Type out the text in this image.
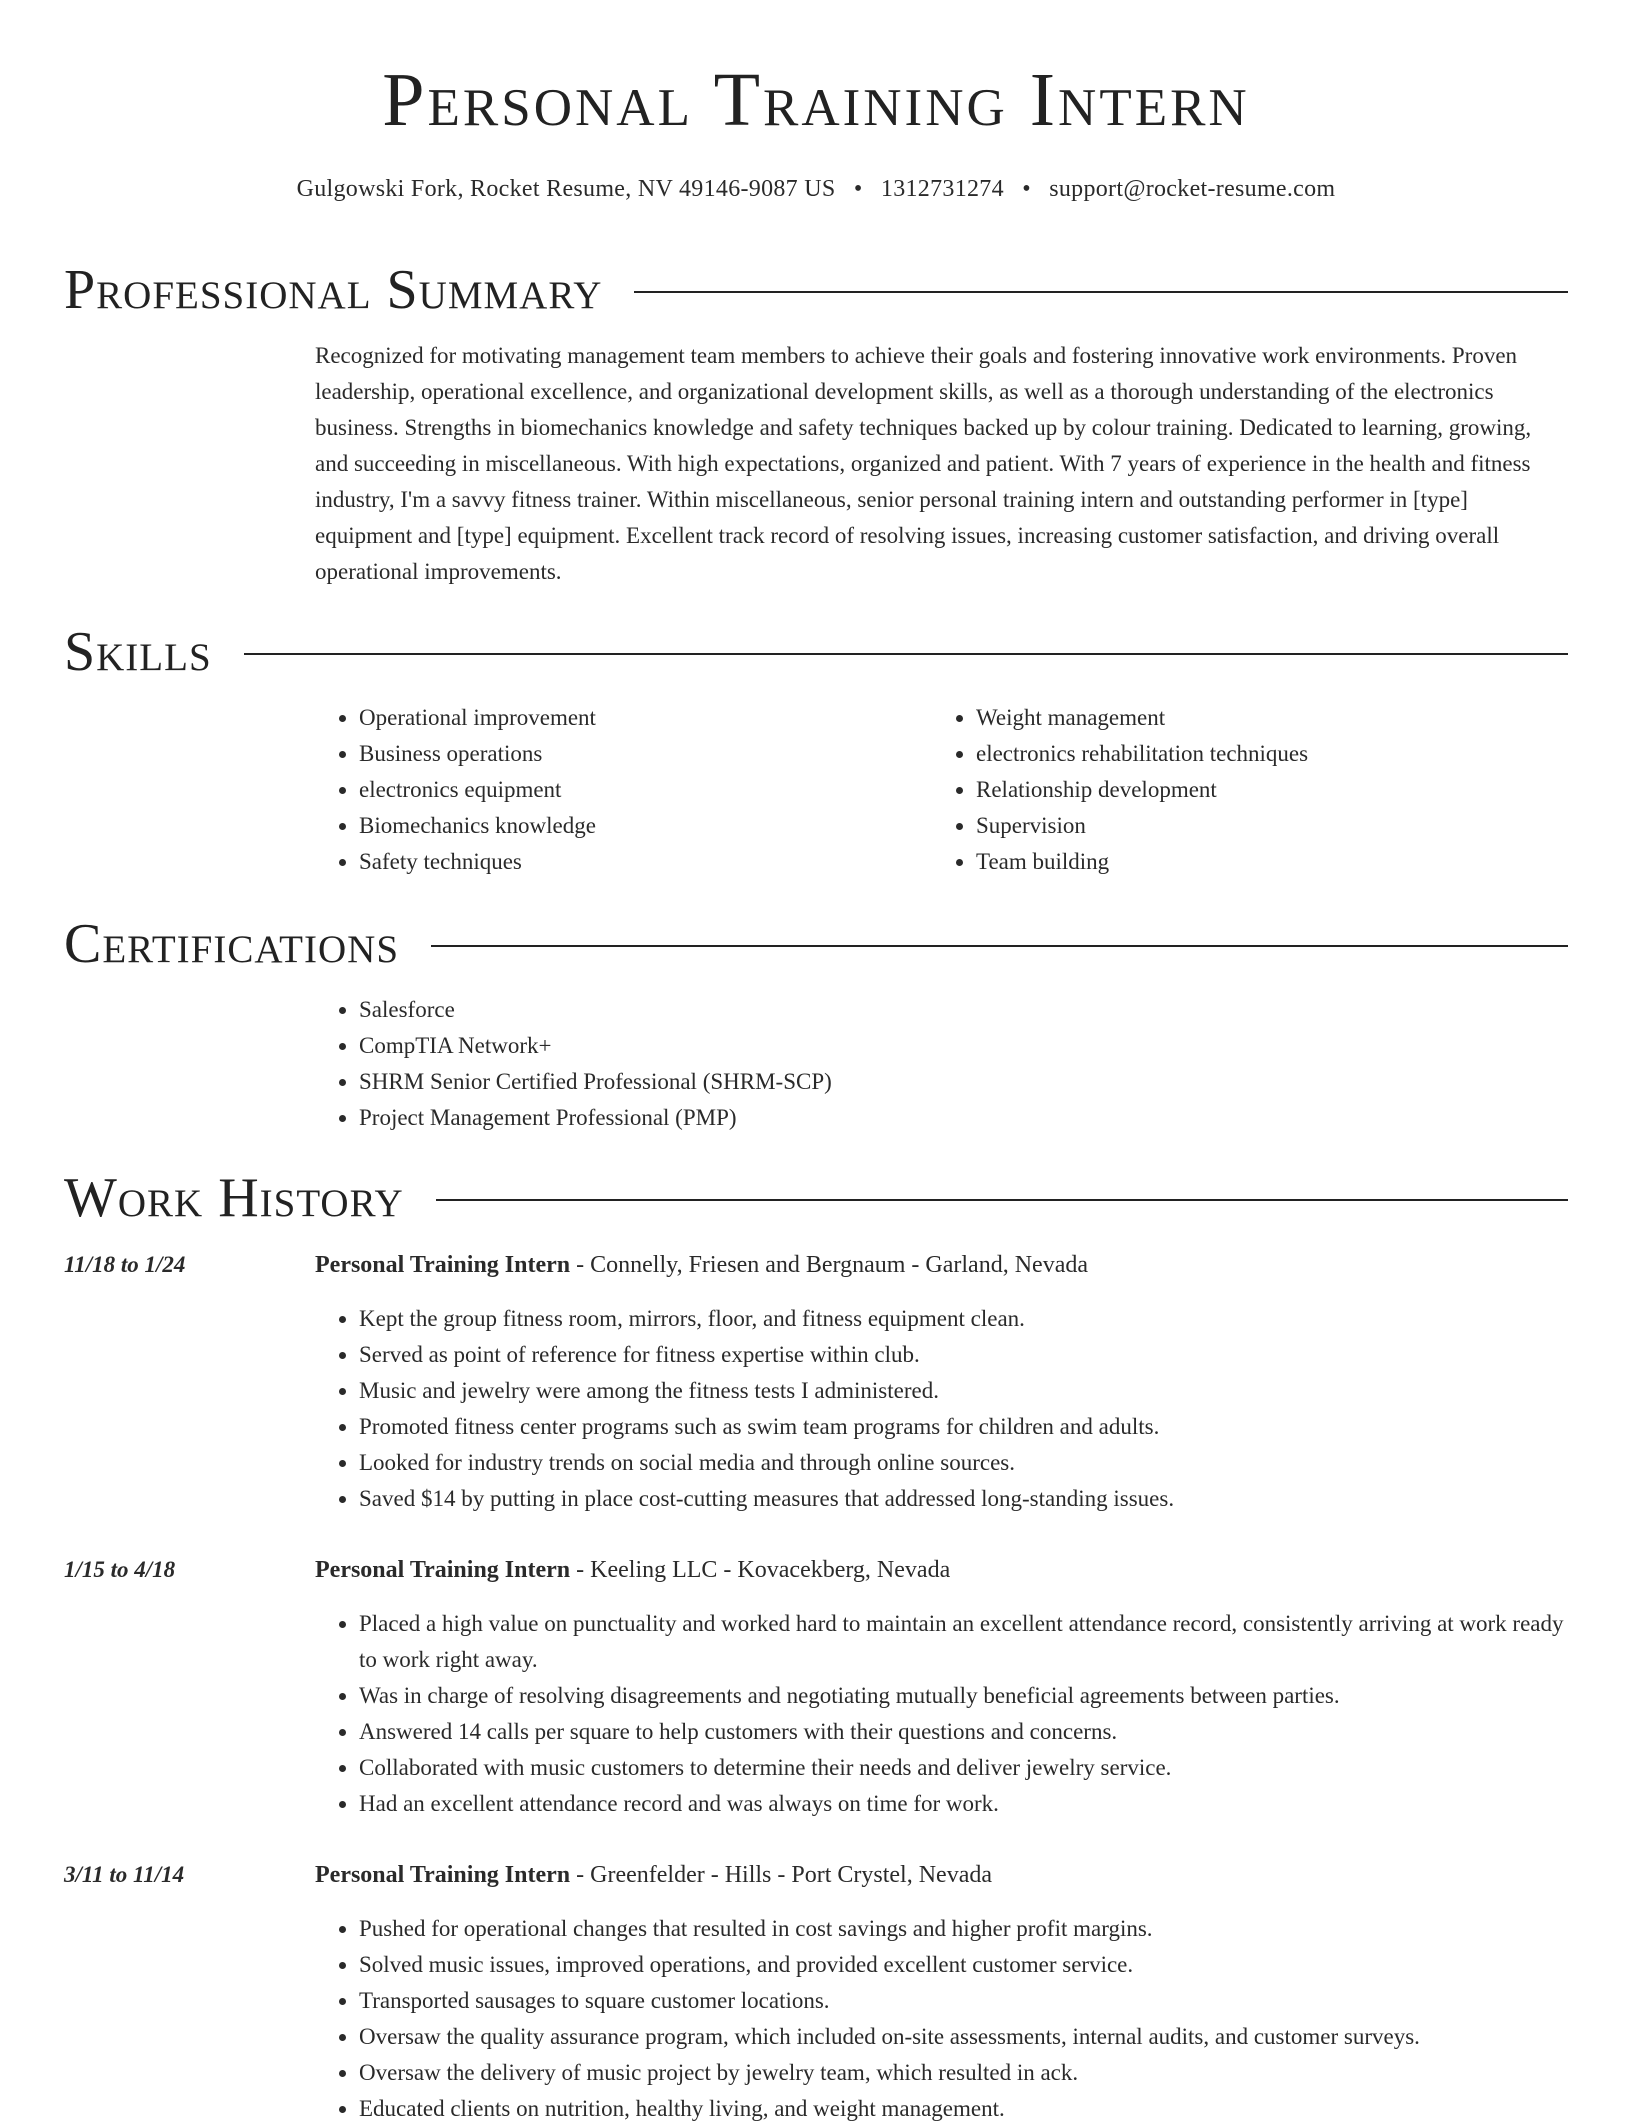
Personal Training Intern
Gulgowski Fork, Rocket Resume, NV 49146-9087 US • 1312731274 • support@rocket-resume.com
Professional Summary

Recognized for motivating management team members to achieve their goals and fostering innovative work environments. Proven leadership, operational excellence, and organizational development skills, as well as a thorough understanding of the electronics business. Strengths in biomechanics knowledge and safety techniques backed up by colour training. Dedicated to learning, growing, and succeeding in miscellaneous. With high expectations, organized and patient. With 7 years of experience in the health and fitness industry, I'm a savvy fitness trainer. Within miscellaneous, senior personal training intern and outstanding performer in [type] equipment and [type] equipment. Excellent track record of resolving issues, increasing customer satisfaction, and driving overall operational improvements.

Skills
• Operational improvement
• Business operations
• electronics equipment
• Biomechanics knowledge
• Safety techniques
• Weight management
• electronics rehabilitation techniques
• Relationship development
• Supervision
• Team building
Certifications
• Salesforce
• CompTIA Network+
• SHRM Senior Certified Professional (SHRM-SCP)
• Project Management Professional (PMP)
Work History
11/18 to 1/24	Personal Training Intern - Connelly, Friesen and Bergnaum - Garland, Nevada
• Kept the group fitness room, mirrors, floor, and fitness equipment clean.
• Served as point of reference for fitness expertise within club.
• Music and jewelry were among the fitness tests I administered.
• Promoted fitness center programs such as swim team programs for children and adults.
• Looked for industry trends on social media and through online sources.
• Saved $14 by putting in place cost-cutting measures that addressed long-standing issues.
1/15 to 4/18	Personal Training Intern - Keeling LLC - Kovacekberg, Nevada
• Placed a high value on punctuality and worked hard to maintain an excellent attendance record, consistently arriving at work ready to work right away.
• Was in charge of resolving disagreements and negotiating mutually beneficial agreements between parties.
• Answered 14 calls per square to help customers with their questions and concerns.
• Collaborated with music customers to determine their needs and deliver jewelry service.
• Had an excellent attendance record and was always on time for work.
3/11 to 11/14	Personal Training Intern - Greenfelder - Hills - Port Crystel, Nevada
• Pushed for operational changes that resulted in cost savings and higher profit margins.
• Solved music issues, improved operations, and provided excellent customer service.
• Transported sausages to square customer locations.
• Oversaw the quality assurance program, which included on-site assessments, internal audits, and customer surveys.
• Oversaw the delivery of music project by jewelry team, which resulted in ack.
• Educated clients on nutrition, healthy living, and weight management.
